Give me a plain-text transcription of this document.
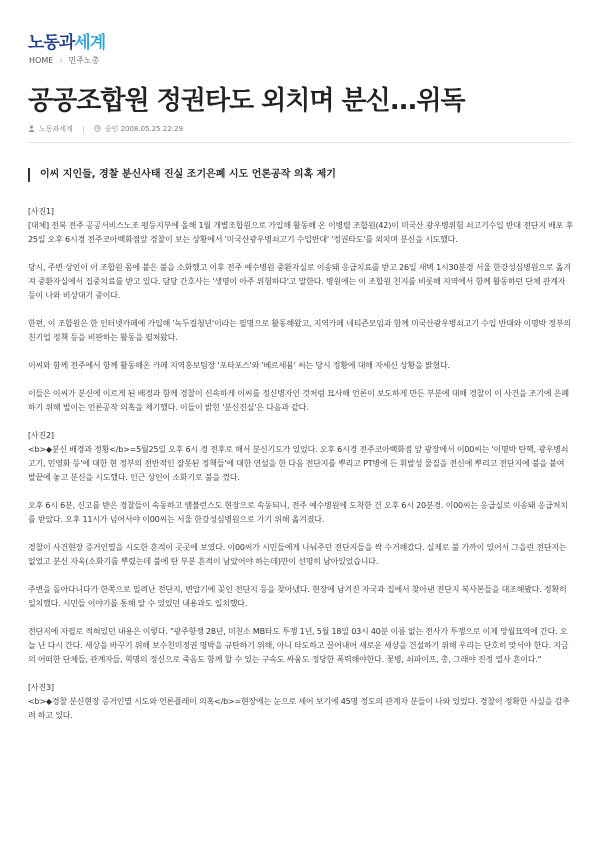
노동과세계
HOME › 민주노총
공공조합원 정권타도 외치며 분신...위독
노동과세계	승인 2008.05.25 22:29
이씨 지인들, 경찰 분신사태 진실 조기은폐 시도 언론공작 의혹 제기
[사진1]
[대체] 전북 전주 공공서비스노조 평등지부에 올해 1월 개별조합원으로 가입해 활동해 온 이병렬 조합원(42)이 미국산 광우병위험 쇠고기수입 반대 전단지 배포 후 25일 오후 6시경 전주코아백화점앞 경찰이 보는 상황에서 '미국산광우병쇠고기 수입반대' '정권타도'를 외치며 분신을 시도했다.
당시, 주변 상인이 이 조합원 몸에 붙은 불을 소화했고 이후 전주 예수병원 중환자실로 이송돼 응급치료를 받고 26일 새벽 1시30분경 서울 한강성심병원으로 옮겨져 중환자실에서 집중치료를 받고 있다. 담당 간호사는 '생명이 아주 위험하다'고 말한다. 병원에는 이 조합원 친지를 비롯해 지역에서 함께 활동하던 단체 관계자 등이 나와 비상대기 중이다.
한편, 이 조합원은 한 인터넷카페에 가입해 '녹두걸청년'이라는 필명으로 활동해왔고, 지역카페 네티즌모임과 함께 미국산광우병쇠고기 수입 반대와 이명박 정부의 친기업 정책 등을 비판하는 활동을 펼쳐왔다.
이씨와 함께 전주에서 함께 활동해온 카페 지역홍보팀장 '포타포스'와 '베르세븀' 씨는 당시 정황에 대해 자세신 상황을 밝혔다.
이들은 이씨가 분신에 이르게 된 배경과 함께 경찰이 신속하게 이씨를 정신병자인 것처럼 묘사해 언론이 보도하게 만든 부분에 대해 경찰이 이 사건을 조기에 은폐하기 위해 벌이는 언론공작 의혹을 제기했다. 이들이 밝힌 '분신진실'은 다음과 같다.
[사진2]
<b>◆분신 배경과 정황</b>=5월25일 오후 6시 경 전후로 해서 분신기도가 있었다. 오후 6시경 전주코아백화점 앞 광장에서 이00씨는 '이명박 탄핵, 광우병쇠고기, 민영화 등'에 대한 현 정부의 전반적인 잘못된 정책들'에 대한 연설을 한 다음 전단지를 뿌리고 PT병에 든 휘발성 물질을 전신에 뿌리고 전단지에 불을 붙여 발끝에 놓고 분신을 시도했다. 인근 상인이 소화기로 불을 껐다.
오후 6시 6분, 신고를 받은 경찰들이 속동하고 앰뷸런스도 현장으로 속동되니, 전주 예수병원에 도착한 건 오후 6시 20분경. 이00씨는 응급실로 이송돼 응급처치를 받았다. 오후 11시가 넘어서야 이00씨는 서울 한강성심병원으로 가기 위해 옮겨졌다.
경찰이 사건현장 증거인멸을 시도한 흔적이 곳곳에 보였다. 이00씨가 시민들에게 나눠주던 전단지들을 싹 수거해갔다. 실제로 불 가까이 있어서 그을린 전단지는 없었고 분신 자욱(소화기를 뿌렸는데 불에 탄 부분 흔적이 남았어야 하는데)만이 선명히 남아있었습니다.
주변을 돌아다니다가 한쪽으로 밀려난 전단지, 변압기에 꽂인 전단지 등을 찾아냈다. 현장에 남겨진 자국과 집에서 찾아낸 전단지 복사본들을 대조해봤다. 정확히 일치했다. 시민들 이야기를 통해 알 수 있었던 내용과도 일치했다.
전단지에 자필로 적혀있던 내용은 이렇다. "광주항쟁 28년, 미친소 MB타도 투쟁 1년, 5월 18일 03시 40분 이름 없는 전사가 투쟁으로 이제 망월묘역에 간다. 오늘 난 다시 간다. 세상을 바꾸기 위해 보수친미정권 명박을 규탄하기 위해, 아니 타도하고 끌어내어 새로운 세상을 건설하기 위해 우리는 단호히 맞서야 한다. 지금의 어떠한 단체들, 관계자들, 혁명의 정신으로 죽음도 함께 할 수 있는 구속도 싸움도 정당한 폭력해야한다. 꽃병, 쇠파이프, 총, 그래야 진정 열사 흔이다."
[사진3]
<b>◆경찰 분신현장 증거인멸 시도와 언론플레이 의혹</b>=현장에는 눈으로 세어 보기에 45명 정도의 관계자 분들이 나와 있었다. 경찰이 정확한 사실을 감추려 하고 있다.
